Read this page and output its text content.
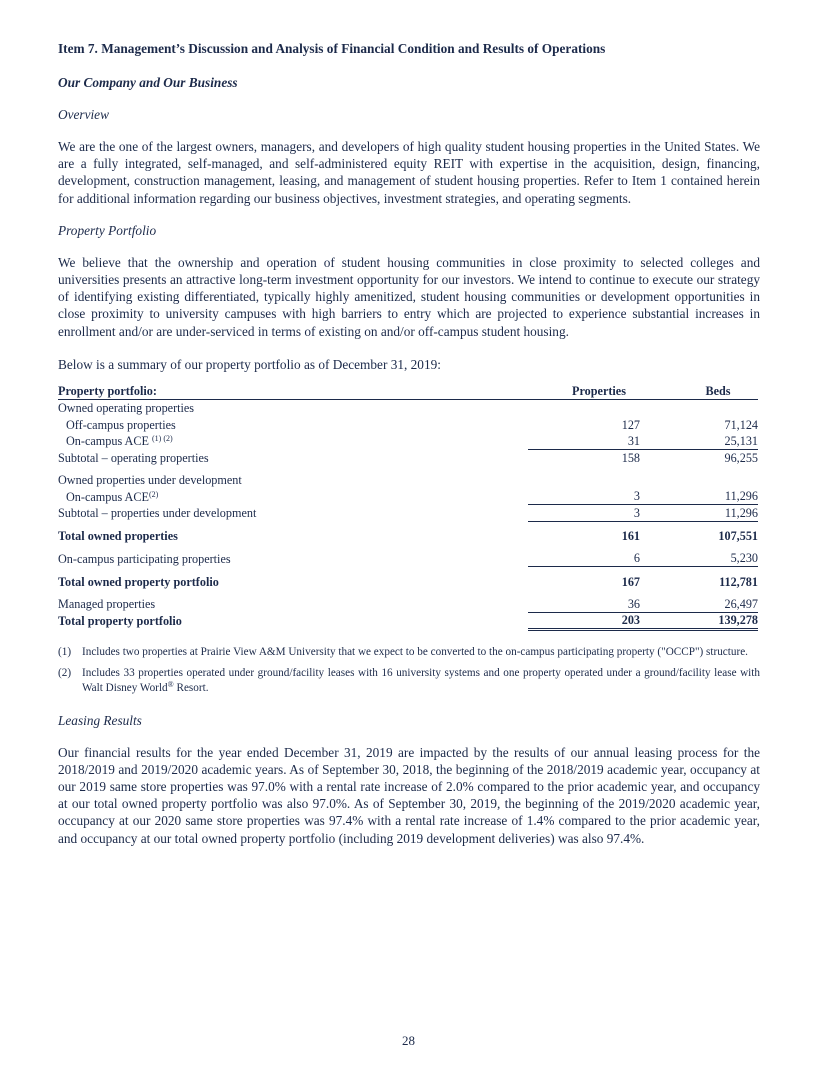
Item 7. Management’s Discussion and Analysis of Financial Condition and Results of Operations

Our Company and Our Business

Overview

We are the one of the largest owners, managers, and developers of high quality student housing properties in the United States. We are a fully integrated, self-managed, and self-administered equity REIT with expertise in the acquisition, design, financing, development, construction management, leasing, and management of student housing properties. Refer to Item 1 contained herein for additional information regarding our business objectives, investment strategies, and operating segments.

Property Portfolio

We believe that the ownership and operation of student housing communities in close proximity to selected colleges and universities presents an attractive long-term investment opportunity for our investors. We intend to continue to execute our strategy of identifying existing differentiated, typically highly amenitized, student housing communities or development opportunities in close proximity to university campuses with high barriers to entry which are projected to experience substantial increases in enrollment and/or are under-serviced in terms of existing on and/or off-campus student housing.

Below is a summary of our property portfolio as of December 31, 2019:

Property portfolio:	Properties	Beds
Owned operating properties		
Off-campus properties	127	71,124
On-campus ACE $^{(1) (2)}$	31	25,131
Subtotal – operating properties	158	96,255

Owned properties under development		
On-campus ACE$^{(2)}$	3	11,296
Subtotal – properties under development	3	11,296

Total owned properties	161	107,551

On-campus participating properties	6	5,230

Total owned property portfolio	167	112,781

Managed properties	36	26,497
Total property portfolio	203	139,278
(1) Includes two properties at Prairie View A&M University that we expect to be converted to the on-campus participating property ("OCCP") structure.
(2) Includes 33 properties operated under ground/facility leases with 16 university systems and one property operated under a ground/facility lease with Walt Disney World® Resort.

Leasing Results

Our financial results for the year ended December 31, 2019 are impacted by the results of our annual leasing process for the 2018/2019 and 2019/2020 academic years. As of September 30, 2018, the beginning of the 2018/2019 academic year, occupancy at our 2019 same store properties was 97.0% with a rental rate increase of 2.0% compared to the prior academic year, and occupancy at our total owned property portfolio was also 97.0%. As of September 30, 2019, the beginning of the 2019/2020 academic year, occupancy at our 2020 same store properties was 97.4% with a rental rate increase of 1.4% compared to the prior academic year, and occupancy at our total owned property portfolio (including 2019 development deliveries) was also 97.4%.

28
